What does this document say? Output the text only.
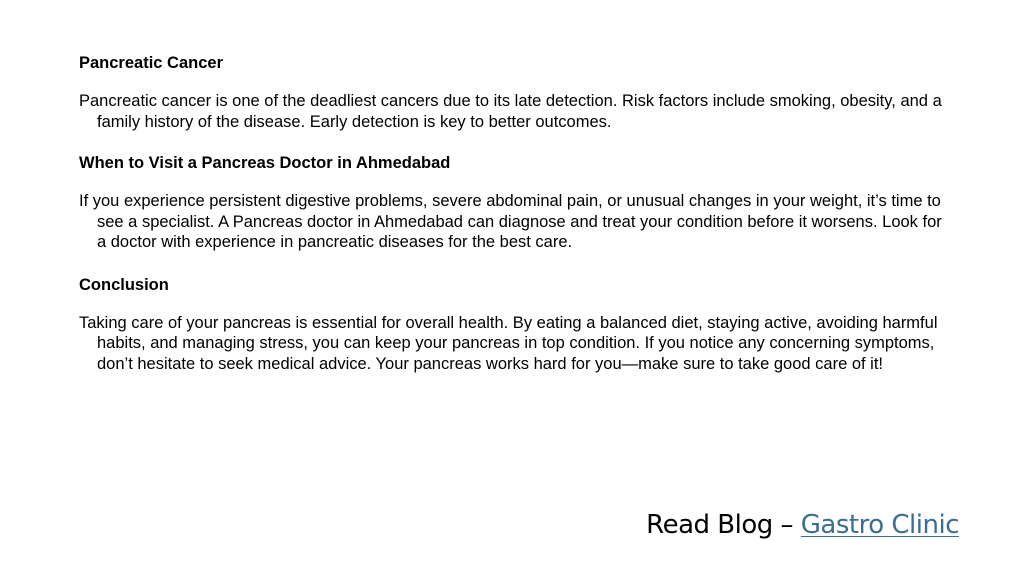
Pancreatic Cancer

Pancreatic cancer is one of the deadliest cancers due to its late detection. Risk factors include smoking, obesity, and a family history of the disease. Early detection is key to better outcomes.

When to Visit a Pancreas Doctor in Ahmedabad

If you experience persistent digestive problems, severe abdominal pain, or unusual changes in your weight, it’s time to see a specialist. A Pancreas doctor in Ahmedabad can diagnose and treat your condition before it worsens. Look for a doctor with experience in pancreatic diseases for the best care.

Conclusion

Taking care of your pancreas is essential for overall health. By eating a balanced diet, staying active, avoiding harmful habits, and managing stress, you can keep your pancreas in top condition. If you notice any concerning symptoms, don’t hesitate to seek medical advice. Your pancreas works hard for you—make sure to take good care of it!

Read Blog – Gastro Clinic
